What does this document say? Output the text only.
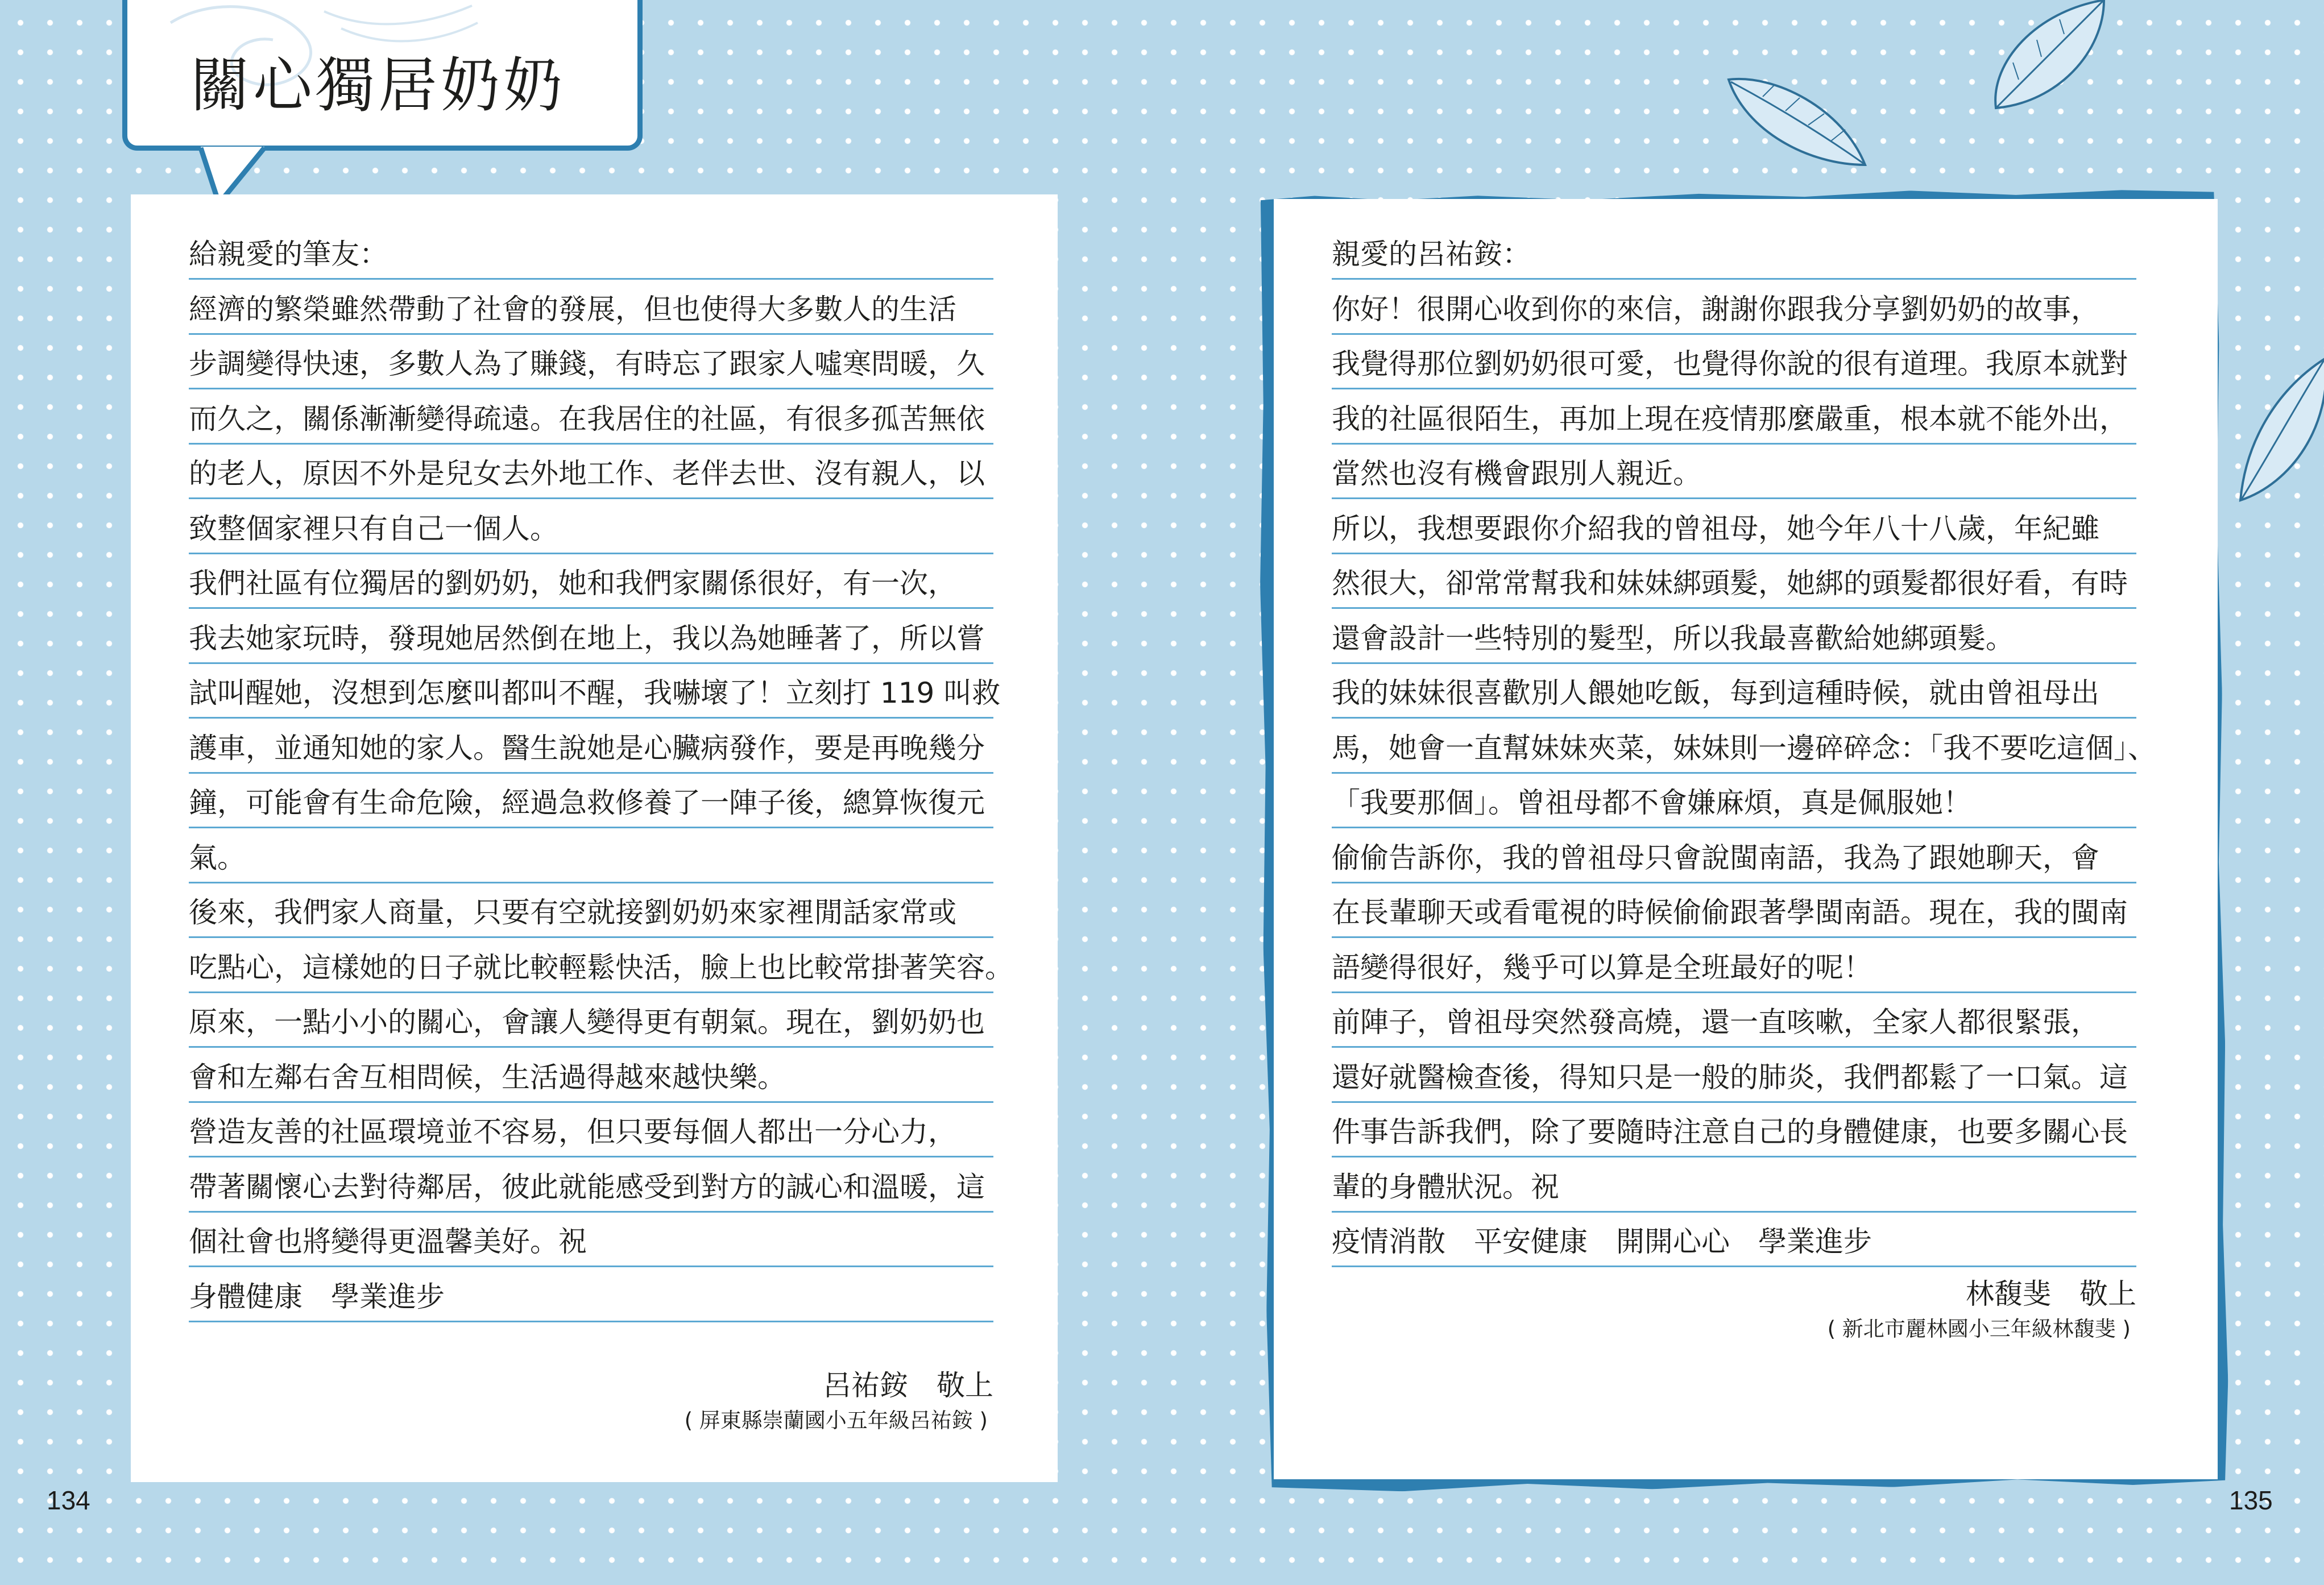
關心獨居奶奶
給親愛的筆友：
經濟的繁榮雖然帶動了社會的發展，但也使得大多數人的生活
步調變得快速，多數人為了賺錢，有時忘了跟家人噓寒問暖，久
而久之，關係漸漸變得疏遠。在我居住的社區，有很多孤苦無依
的老人，原因不外是兒女去外地工作、老伴去世、沒有親人，以
致整個家裡只有自己一個人。
我們社區有位獨居的劉奶奶，她和我們家關係很好，有一次，
我去她家玩時，發現她居然倒在地上，我以為她睡著了，所以嘗
試叫醒她，沒想到怎麼叫都叫不醒，我嚇壞了！立刻打 119 叫救
護車，並通知她的家人。醫生說她是心臟病發作，要是再晚幾分
鐘，可能會有生命危險，經過急救修養了一陣子後，總算恢復元
氣。
後來，我們家人商量，只要有空就接劉奶奶來家裡閒話家常或
吃點心，這樣她的日子就比較輕鬆快活，臉上也比較常掛著笑容。
原來，一點小小的關心，會讓人變得更有朝氣。現在，劉奶奶也
會和左鄰右舍互相問候，生活過得越來越快樂。
營造友善的社區環境並不容易，但只要每個人都出一分心力，
帶著關懷心去對待鄰居，彼此就能感受到對方的誠心和溫暖，這
個社會也將變得更溫馨美好。祝
身體健康　學業進步
呂祐銨　敬上
( 屏東縣崇蘭國小五年級呂祐銨 )
親愛的呂祐銨：
你好！很開心收到你的來信，謝謝你跟我分享劉奶奶的故事，
我覺得那位劉奶奶很可愛，也覺得你說的很有道理。我原本就對
我的社區很陌生，再加上現在疫情那麼嚴重，根本就不能外出，
當然也沒有機會跟別人親近。
所以，我想要跟你介紹我的曾祖母，她今年八十八歲，年紀雖
然很大，卻常常幫我和妹妹綁頭髮，她綁的頭髮都很好看，有時
還會設計一些特別的髮型，所以我最喜歡給她綁頭髮。
我的妹妹很喜歡別人餵她吃飯，每到這種時候，就由曾祖母出
馬，她會一直幫妹妹夾菜，妹妹則一邊碎碎念：「我不要吃這個」、
「我要那個」。曾祖母都不會嫌麻煩，真是佩服她！
偷偷告訴你，我的曾祖母只會說閩南語，我為了跟她聊天，會
在長輩聊天或看電視的時候偷偷跟著學閩南語。現在，我的閩南
語變得很好，幾乎可以算是全班最好的呢！
前陣子，曾祖母突然發高燒，還一直咳嗽，全家人都很緊張，
還好就醫檢查後，得知只是一般的肺炎，我們都鬆了一口氣。這
件事告訴我們，除了要隨時注意自己的身體健康，也要多關心長
輩的身體狀況。祝
疫情消散　平安健康　開開心心　學業進步
林馥斐　敬上
( 新北市麗林國小三年級林馥斐 )
134	135
